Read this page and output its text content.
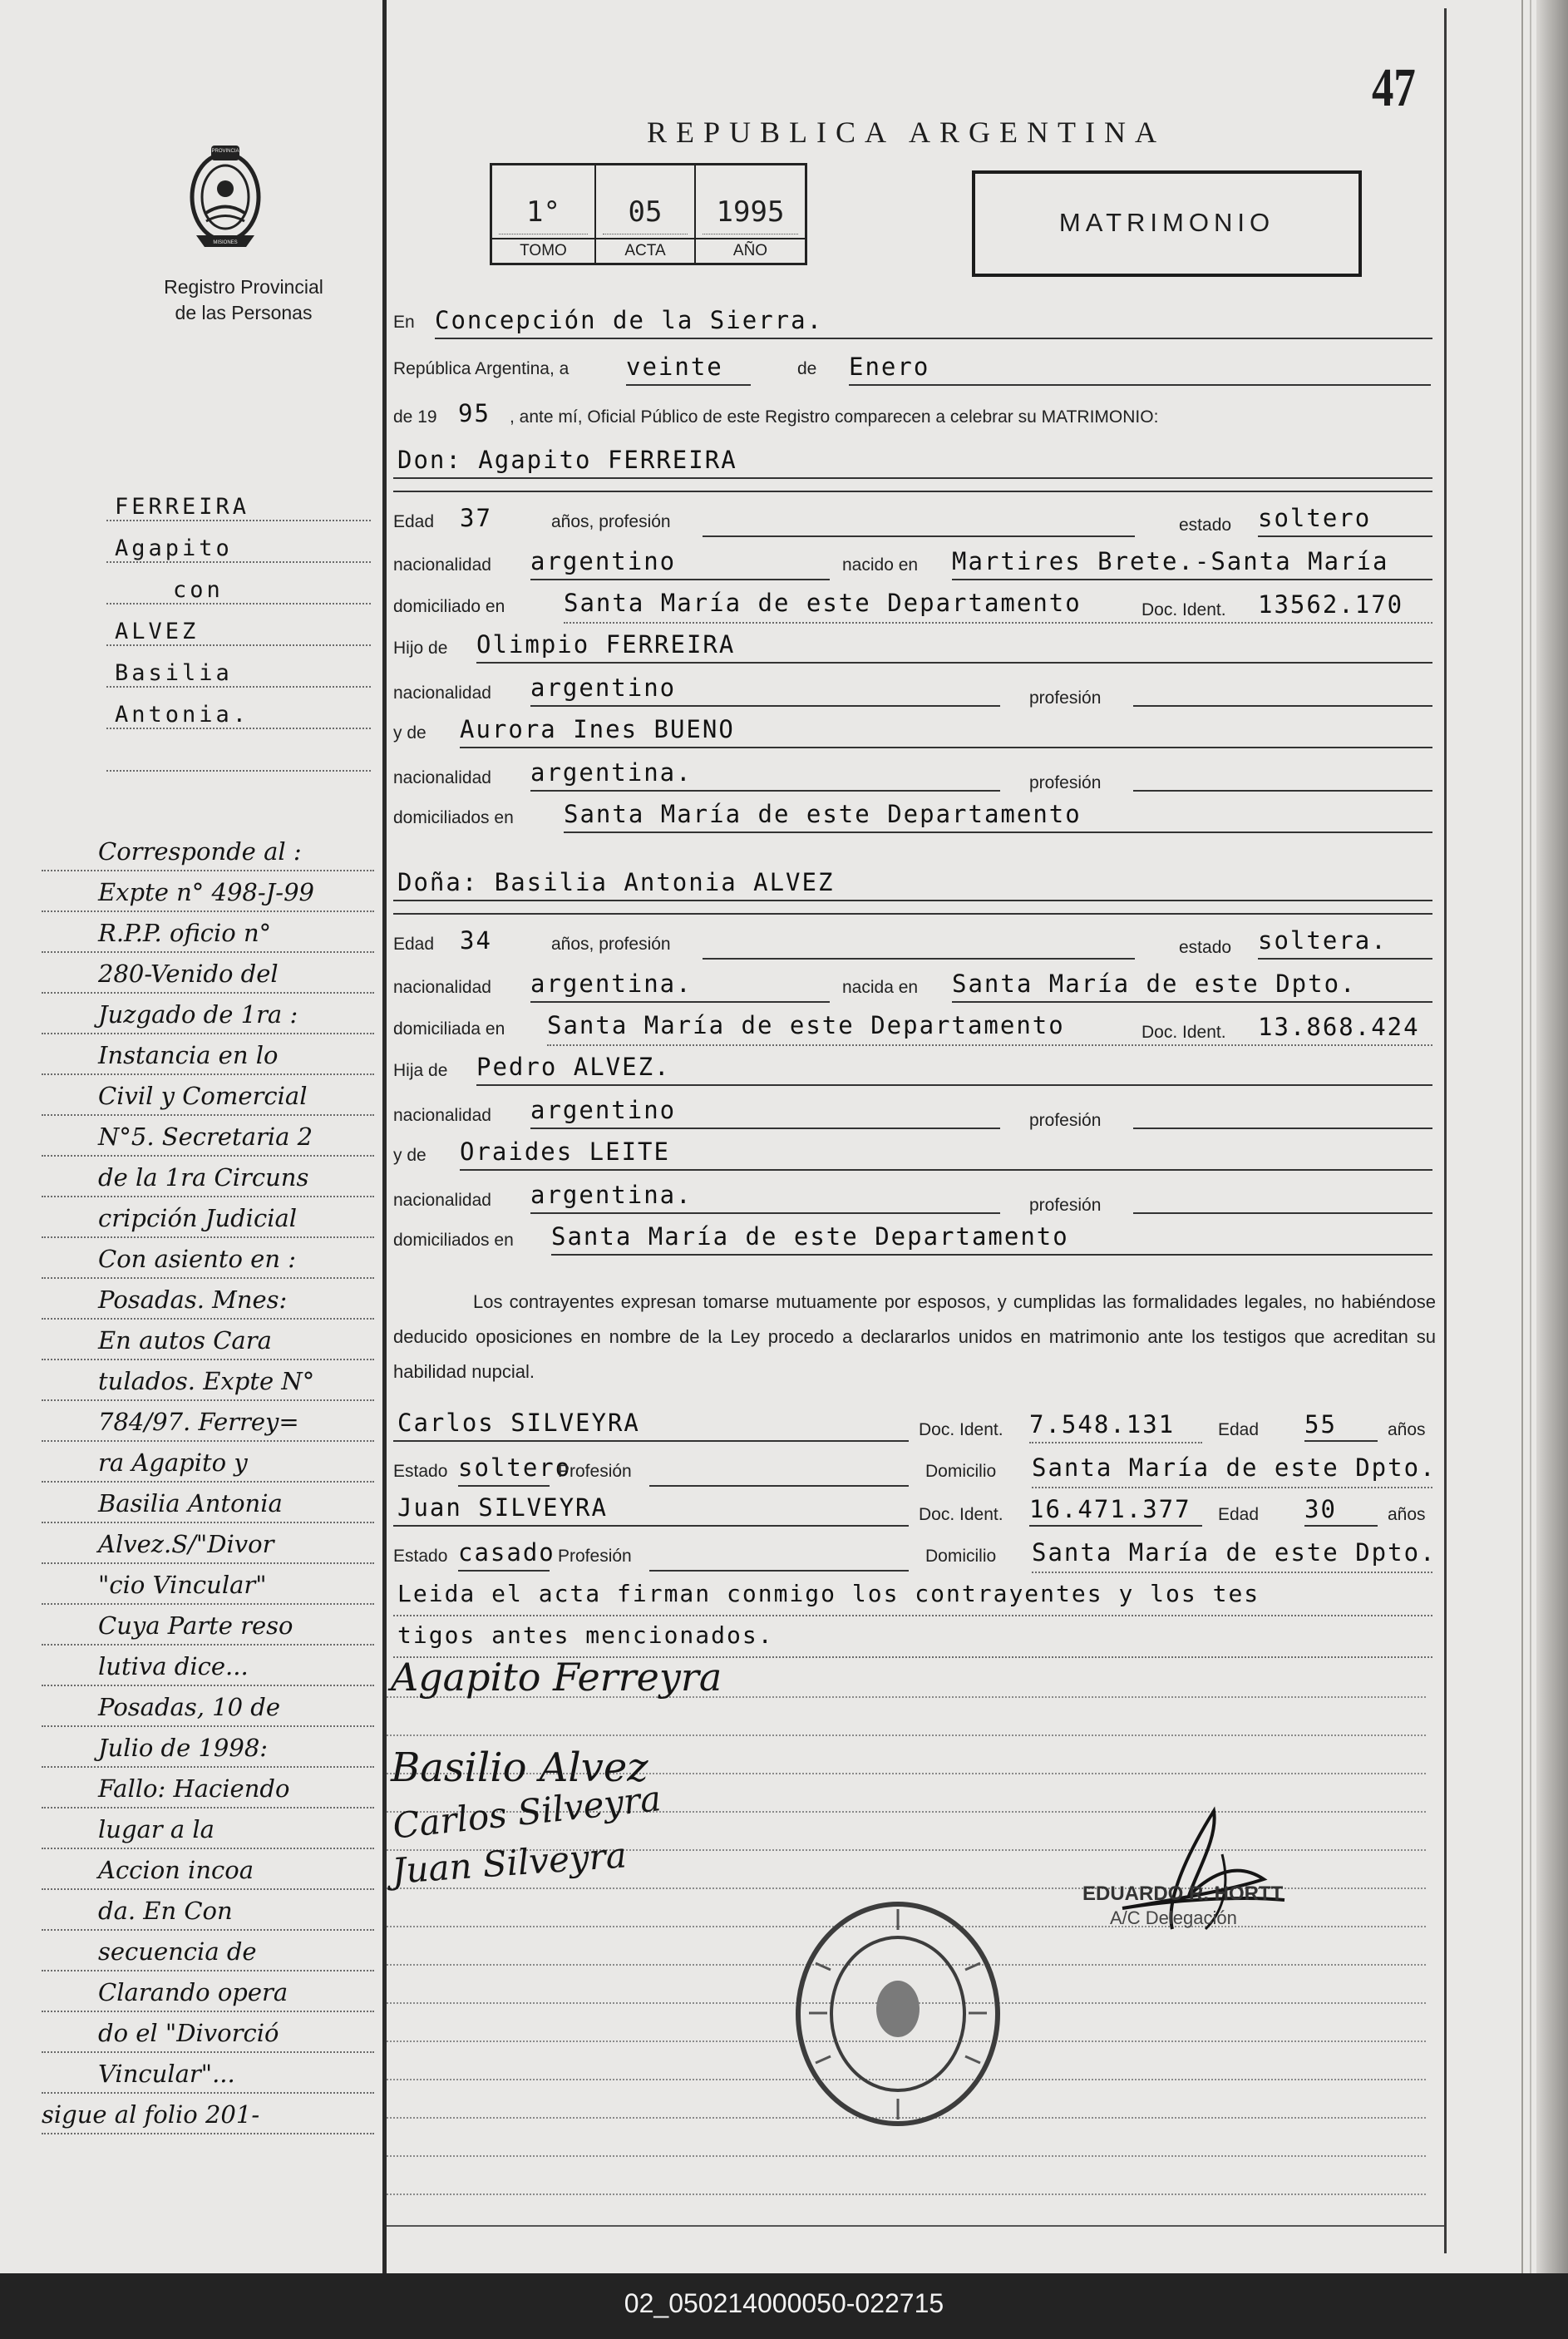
47
REPUBLICA ARGENTINA
PROVINCIA
MISIONES
Registro Provincial
de las Personas
1°
TOMO
05
ACTA
1995
AÑO
MATRIMONIO
FERREIRA
Agapito
con
ALVEZ
Basilia
Antonia.
Corresponde al :
Expte n° 498-J-99
R.P.P. oficio n°
280-Venido del
Juzgado de 1ra :
Instancia en lo
Civil y Comercial
N°5. Secretaria 2
de la 1ra Circuns
cripción Judicial
Con asiento en :
Posadas. Mnes:
En autos Cara
tulados. Expte N°
784/97. Ferrey=
ra Agapito y
Basilia Antonia
Alvez.S/"Divor
"cio Vincular"
Cuya Parte reso
lutiva dice...
Posadas, 10 de
Julio de 1998:
Fallo: Haciendo
lugar a la
Accion incoa
da. En Con
secuencia de
Clarando opera
do el "Divorció
Vincular"...
sigue al folio 201-
En Concepción de la Sierra.
República Argentina, a veinte	de Enero
de 19 95 , ante mí, Oficial Público de este Registro comparecen a celebrar su MATRIMONIO:
Don: Agapito FERREIRA
Edad 37	años, profesión	estado soltero
nacionalidad argentino	nacido en Martires Brete.-Santa María
domiciliado en Santa María de este Departamento	Doc. Ident. 13562.170
Hijo de Olimpio FERREIRA
nacionalidad argentino	profesión
y de Aurora Ines BUENO
nacionalidad argentina.	profesión
domiciliados en Santa María de este Departamento
Doña: Basilia Antonia ALVEZ
Edad 34	años, profesión	estado soltera.
nacionalidad argentina.	nacida en Santa María de este Dpto.
domiciliada en Santa María de este Departamento	Doc. Ident. 13.868.424
Hija de Pedro ALVEZ.
nacionalidad argentino	profesión
y de Oraides LEITE
nacionalidad argentina.	profesión
domiciliados en Santa María de este Departamento
Los contrayentes expresan tomarse mutuamente por esposos, y cumplidas las formalidades legales, no habiéndose deducido oposiciones en nombre de la Ley procedo a declararlos unidos en matrimonio ante los testigos que acreditan su habilidad nupcial.
Carlos SILVEYRA	Doc. Ident. 7.548.131 Edad 55	años
Estado soltero
Profesión	Domicilio Santa María de este Dpto.
Juan SILVEYRA	Doc. Ident. 16.471.377 Edad 30	años
Estado casado Profesión	Domicilio Santa María de este Dpto.
Leida el acta firman conmigo los contrayentes y los tes
tigos antes mencionados.
Agapito Ferreyra
Basilio Alvez
Carlos Silveyra
Juan Silveyra
EDUARDO R. HORTT
A/C Delegación
02_050214000050-022715
